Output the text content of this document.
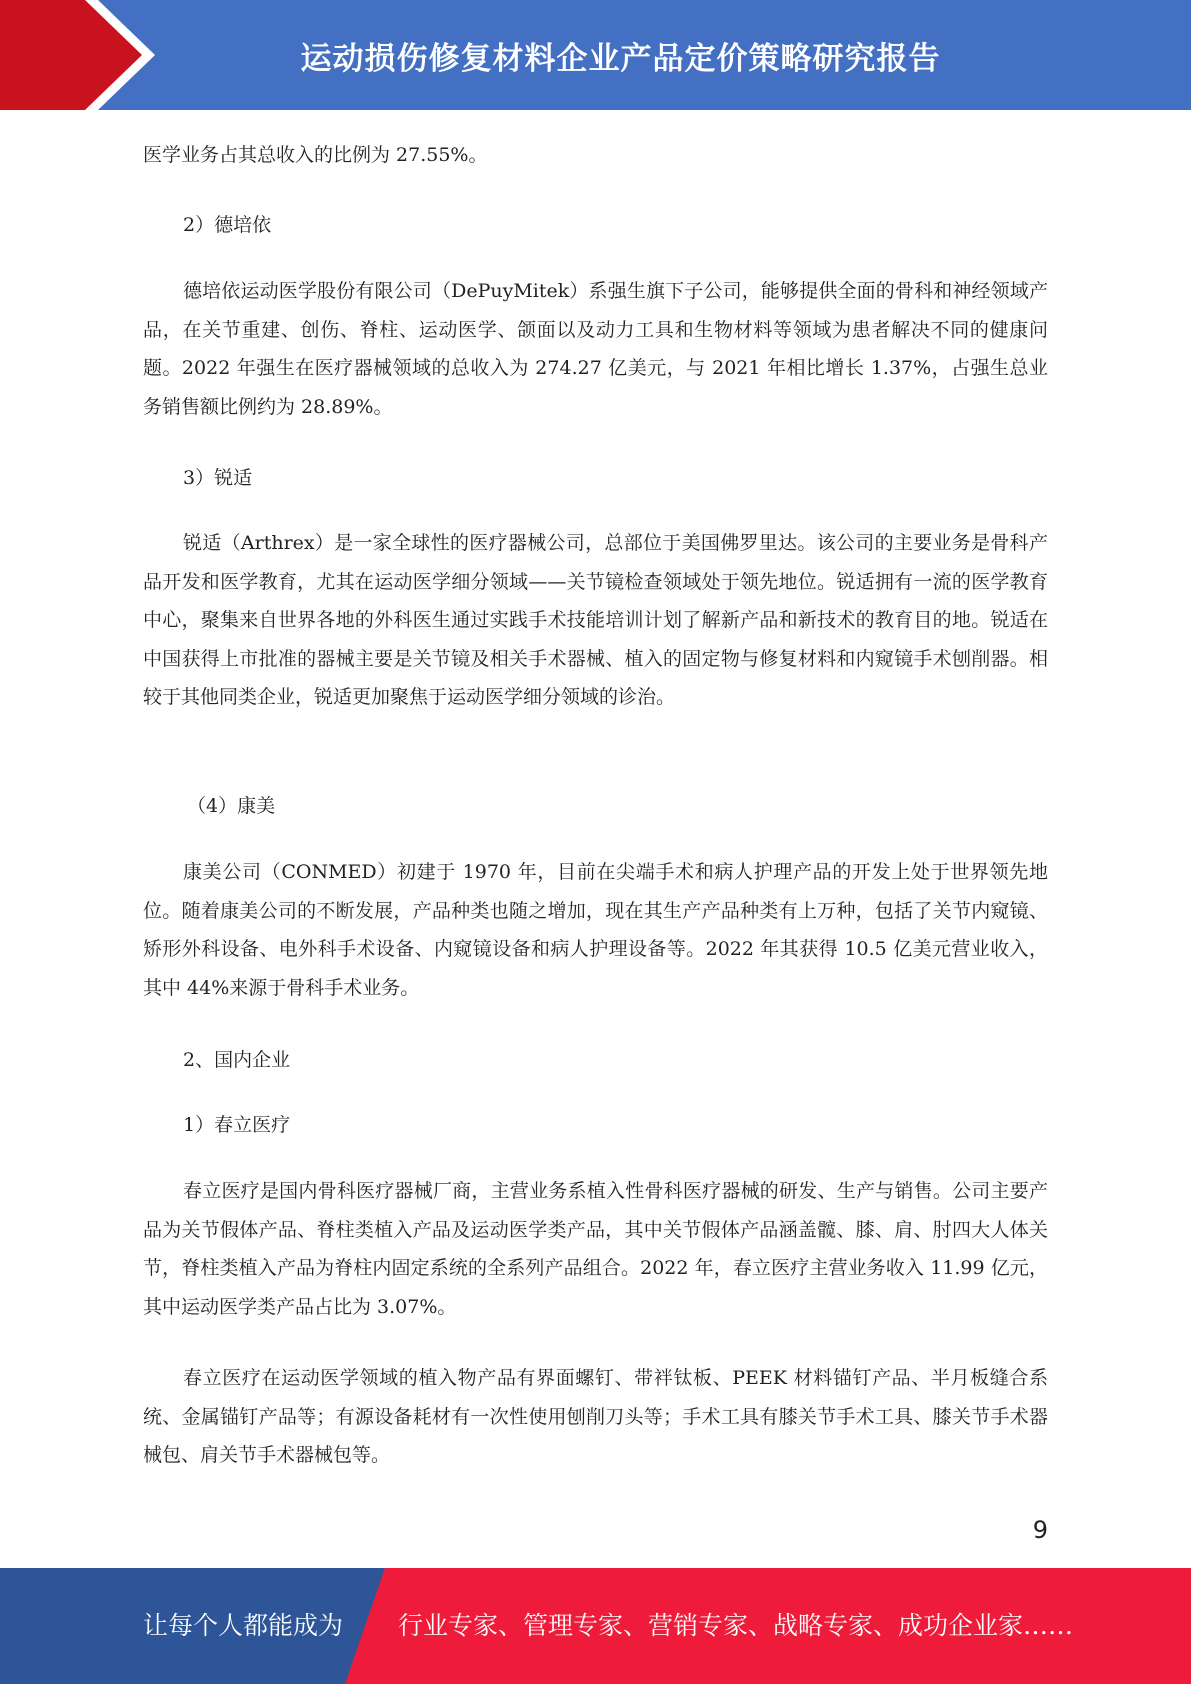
运动损伤修复材料企业产品定价策略研究报告

医学业务占其总收入的比例为 27.55%。

2）德培依

德培依运动医学股份有限公司（DePuyMitek）系强生旗下子公司，能够提供全面的骨科和神经领域产品，在关节重建、创伤、脊柱、运动医学、颌面以及动力工具和生物材料等领域为患者解决不同的健康问题。2022 年强生在医疗器械领域的总收入为 274.27 亿美元，与 2021 年相比增长 1.37%，占强生总业务销售额比例约为 28.89%。

3）锐适

锐适（Arthrex）是一家全球性的医疗器械公司，总部位于美国佛罗里达。该公司的主要业务是骨科产品开发和医学教育，尤其在运动医学细分领域——关节镜检查领域处于领先地位。锐适拥有一流的医学教育中心，聚集来自世界各地的外科医生通过实践手术技能培训计划了解新产品和新技术的教育目的地。锐适在中国获得上市批准的器械主要是关节镜及相关手术器械、植入的固定物与修复材料和内窥镜手术刨削器。相较于其他同类企业，锐适更加聚焦于运动医学细分领域的诊治。

（4）康美

康美公司（CONMED）初建于 1970 年，目前在尖端手术和病人护理产品的开发上处于世界领先地位。随着康美公司的不断发展，产品种类也随之增加，现在其生产产品种类有上万种，包括了关节内窥镜、矫形外科设备、电外科手术设备、内窥镜设备和病人护理设备等。2022 年其获得 10.5 亿美元营业收入，其中 44%来源于骨科手术业务。

2、国内企业

1）春立医疗

春立医疗是国内骨科医疗器械厂商，主营业务系植入性骨科医疗器械的研发、生产与销售。公司主要产品为关节假体产品、脊柱类植入产品及运动医学类产品，其中关节假体产品涵盖髋、膝、肩、肘四大人体关节，脊柱类植入产品为脊柱内固定系统的全系列产品组合。2022 年，春立医疗主营业务收入 11.99 亿元，其中运动医学类产品占比为 3.07%。

春立医疗在运动医学领域的植入物产品有界面螺钉、带袢钛板、PEEK 材料锚钉产品、半月板缝合系统、金属锚钉产品等；有源设备耗材有一次性使用刨削刀头等；手术工具有膝关节手术工具、膝关节手术器械包、肩关节手术器械包等。

9
让每个人都能成为 行业专家、管理专家、营销专家、战略专家、成功企业家……
